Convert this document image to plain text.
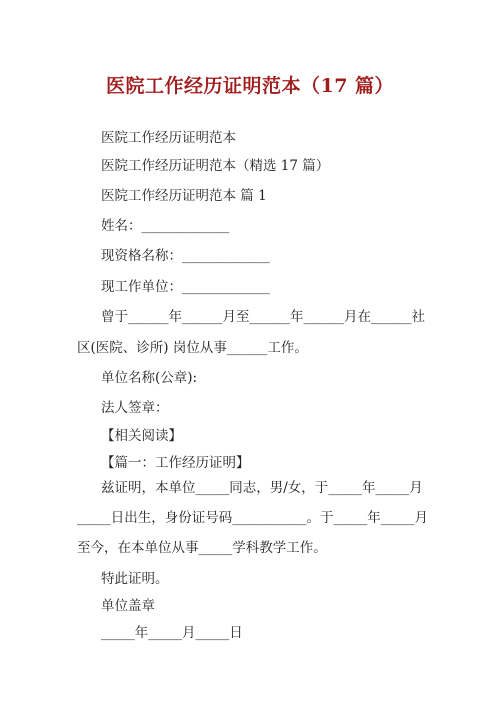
医院工作经历证明范本（17 篇）
医院工作经历证明范本
医院工作经历证明范本（精选 17 篇）
医院工作经历证明范本 篇 1
姓名：_____________
现资格名称：_____________
现工作单位：_____________
曾于______年______月至______年______月在______社
区(医院、诊所) 岗位从事______工作。
单位名称(公章):
法人签章：
【相关阅读】
【篇一：工作经历证明】
兹证明，本单位_____同志，男/女，于_____年_____月
_____日出生，身份证号码___________。于_____年_____月
至今，在本单位从事_____学科教学工作。
特此证明。
单位盖章
_____年_____月_____日
